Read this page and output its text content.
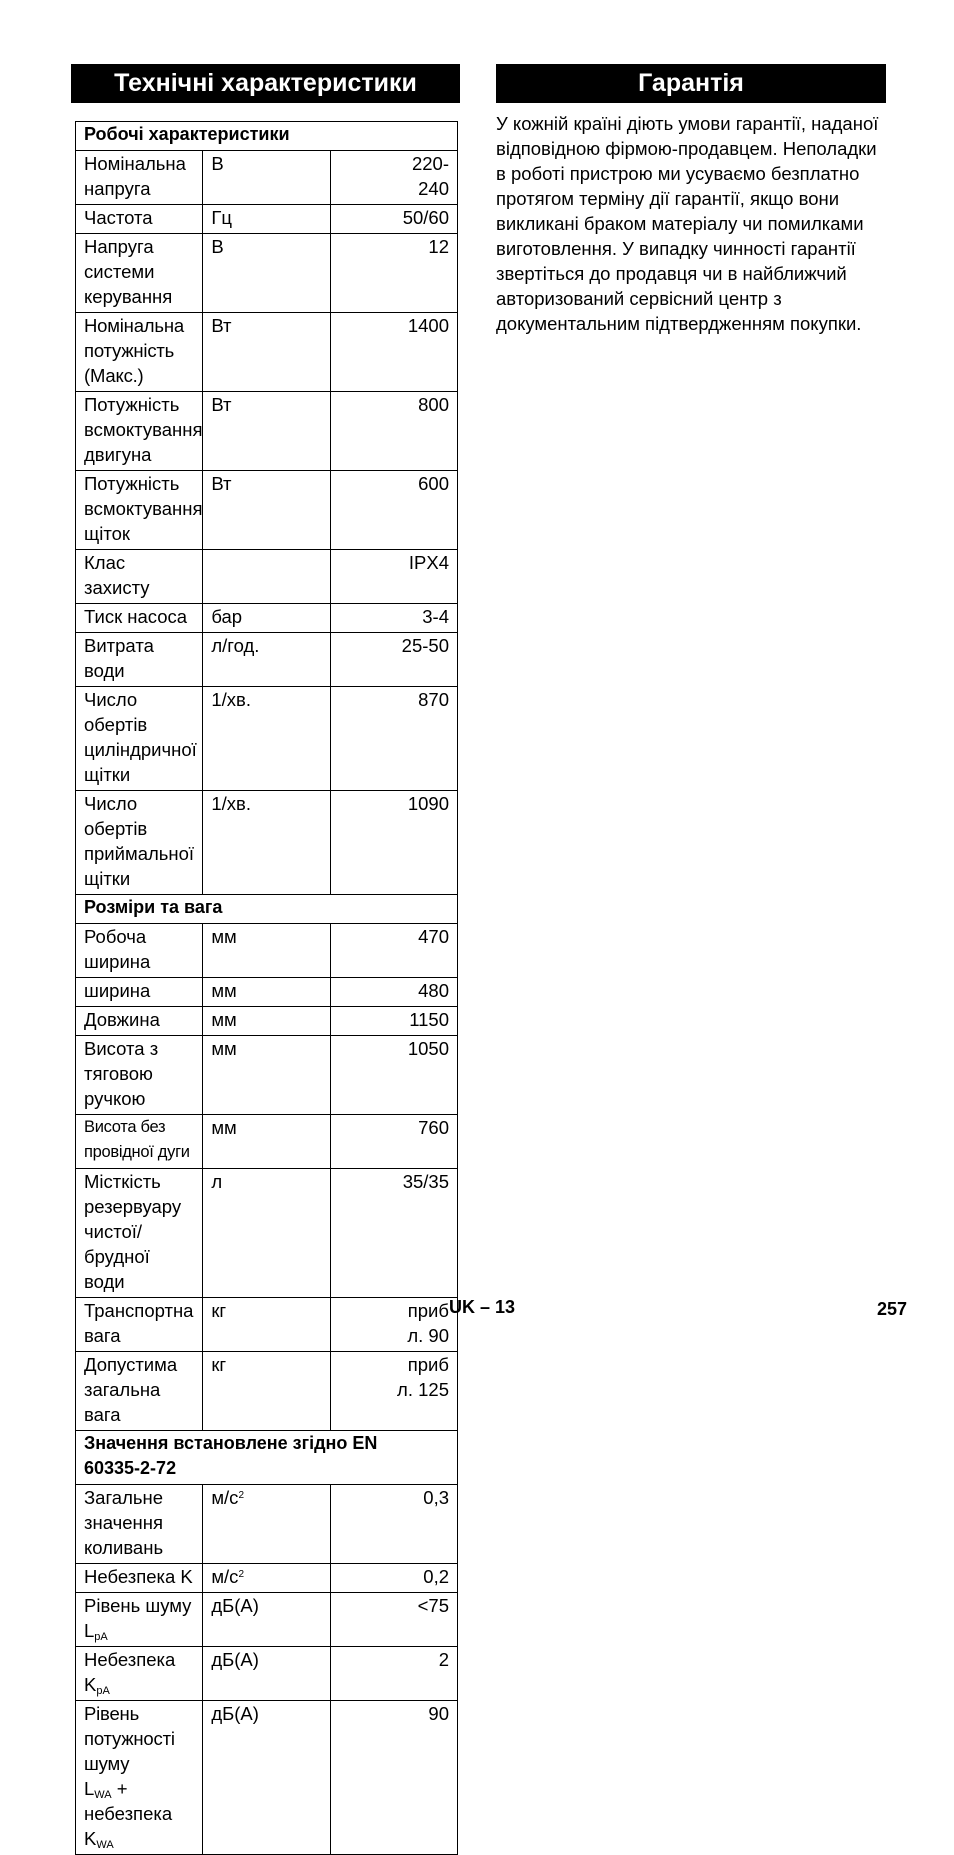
Технічні характеристики	Гарантія
Робочі характеристики		
Номінальна напруга	В	220-
240
Частота	Гц	50/60
Напруга системи
керування	В	12
Номінальна потужність
(Макс.)	Вт	1400
Потужність
всмоктування двигуна	Вт	800
Потужність
всмоктування щіток	Вт	600
Клас захисту		IPX4
Тиск насоса	бар	3-4
Витрата води	л/год.	25-50
Число обертів
циліндричної щітки	1/хв.	870
Число обертів
приймальної щітки	1/хв.	1090
Розміри та вага		
Робоча ширина	мм	470
ширина	мм	480
Довжина	мм	1150
Висота з тяговою
ручкою	мм	1050
Висота без провідної дуги	мм	760
Місткість резервуару
чистої/брудної води	л	35/35
Транспортна вага	кг	приб
л. 90
Допустима загальна
вага	кг	приб
л. 125
Значення встановлене згідно EN
60335-2-72		
Загальне значення
коливань	$м/с^2$	0,3
Небезпека K	$м/с^2$	0,2
Рівень шуму $L_{pA}$	дБ(А)	<75
Небезпека $K_{pA}$	дБ(А)	2
Рівень потужності шуму
$L_{WA}$ + небезпека $K_{WA}$	дБ(А)	90

У кожній країні діють умови гарантії, наданої відповідною фірмою-продавцем. Неполадки в роботі пристрою ми усуваємо безплатно протягом терміну дії гарантії, якщо вони викликані браком матеріалу чи помилками виготовлення. У випадку чинності гарантії звертіться до продавця чи в найближчий авторизований сервісний центр з документальним підтвердженням покупки.

UK – 13	257
